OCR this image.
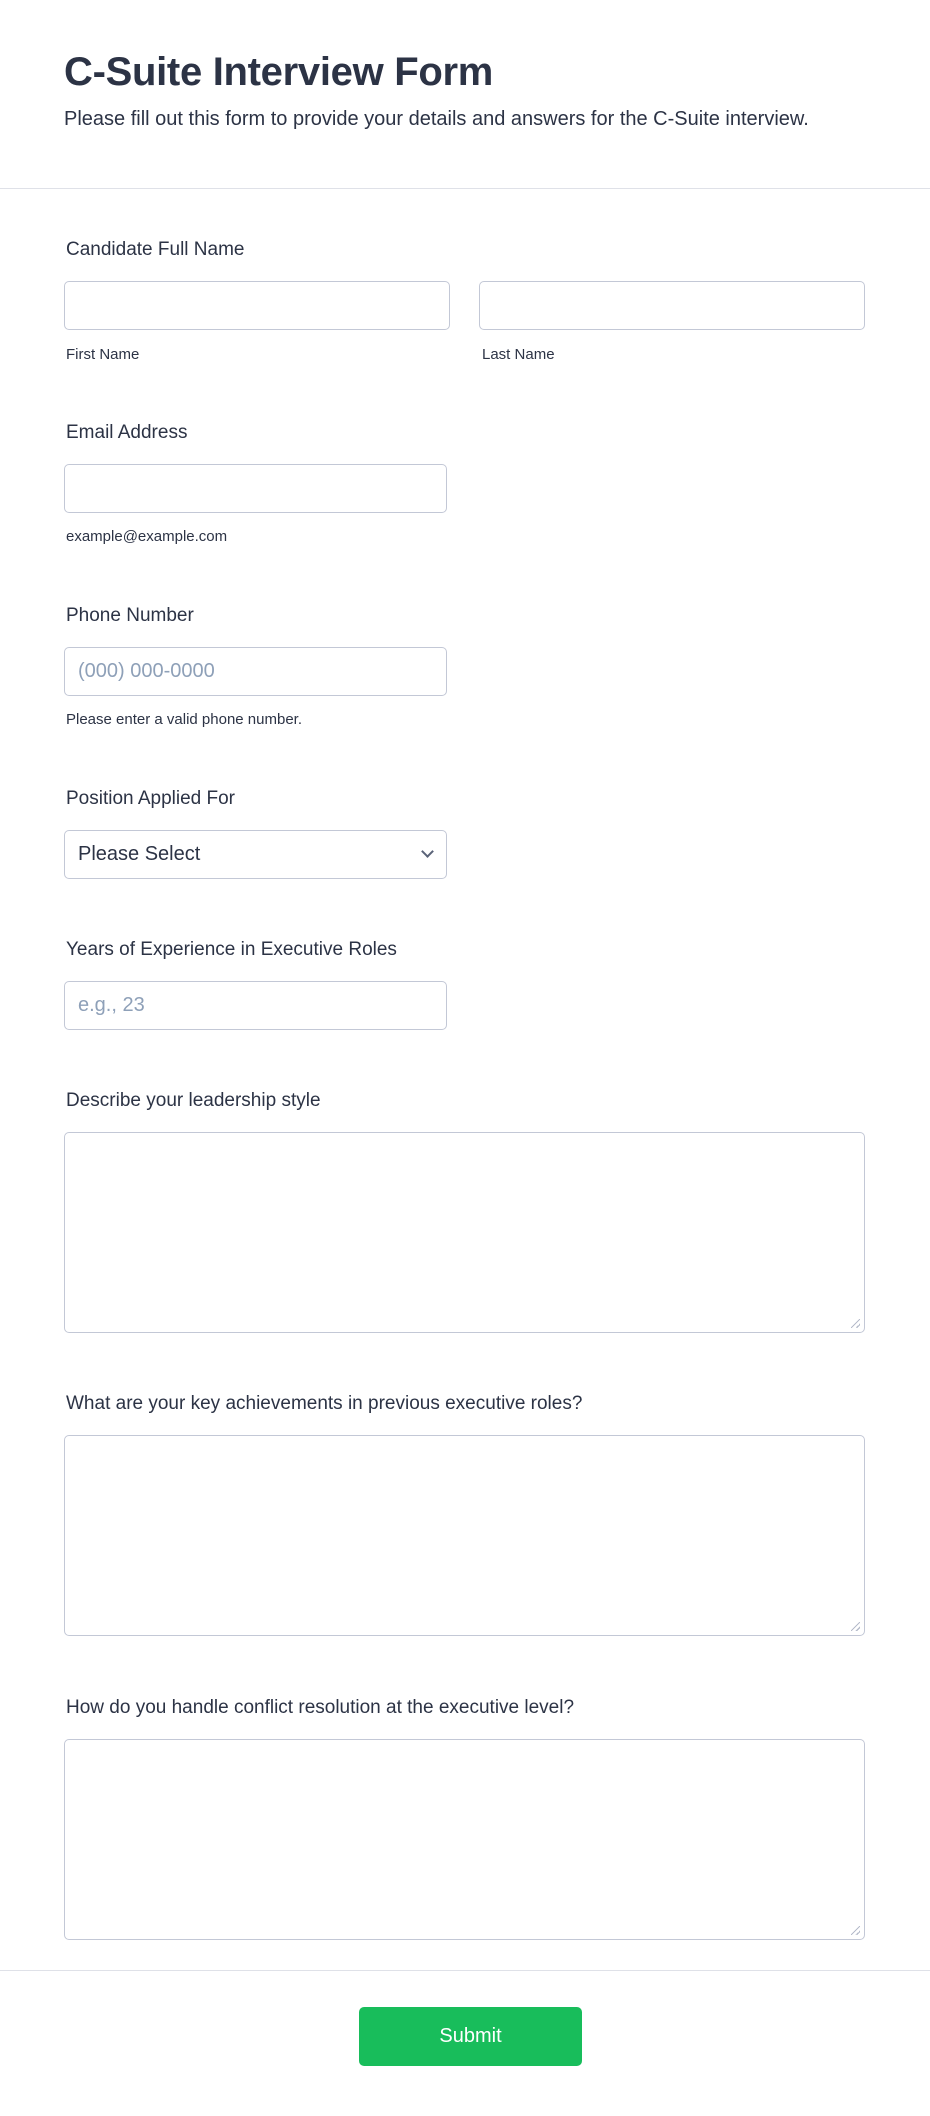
C-Suite Interview Form
Please fill out this form to provide your details and answers for the C-Suite interview.
Candidate Full Name
First Name	Last Name
Email Address
example@example.com
Phone Number
(000) 000-0000
Please enter a valid phone number.
Position Applied For
Please Select
Years of Experience in Executive Roles
e.g., 23
Describe your leadership style
What are your key achievements in previous executive roles?
How do you handle conflict resolution at the executive level?
Submit
